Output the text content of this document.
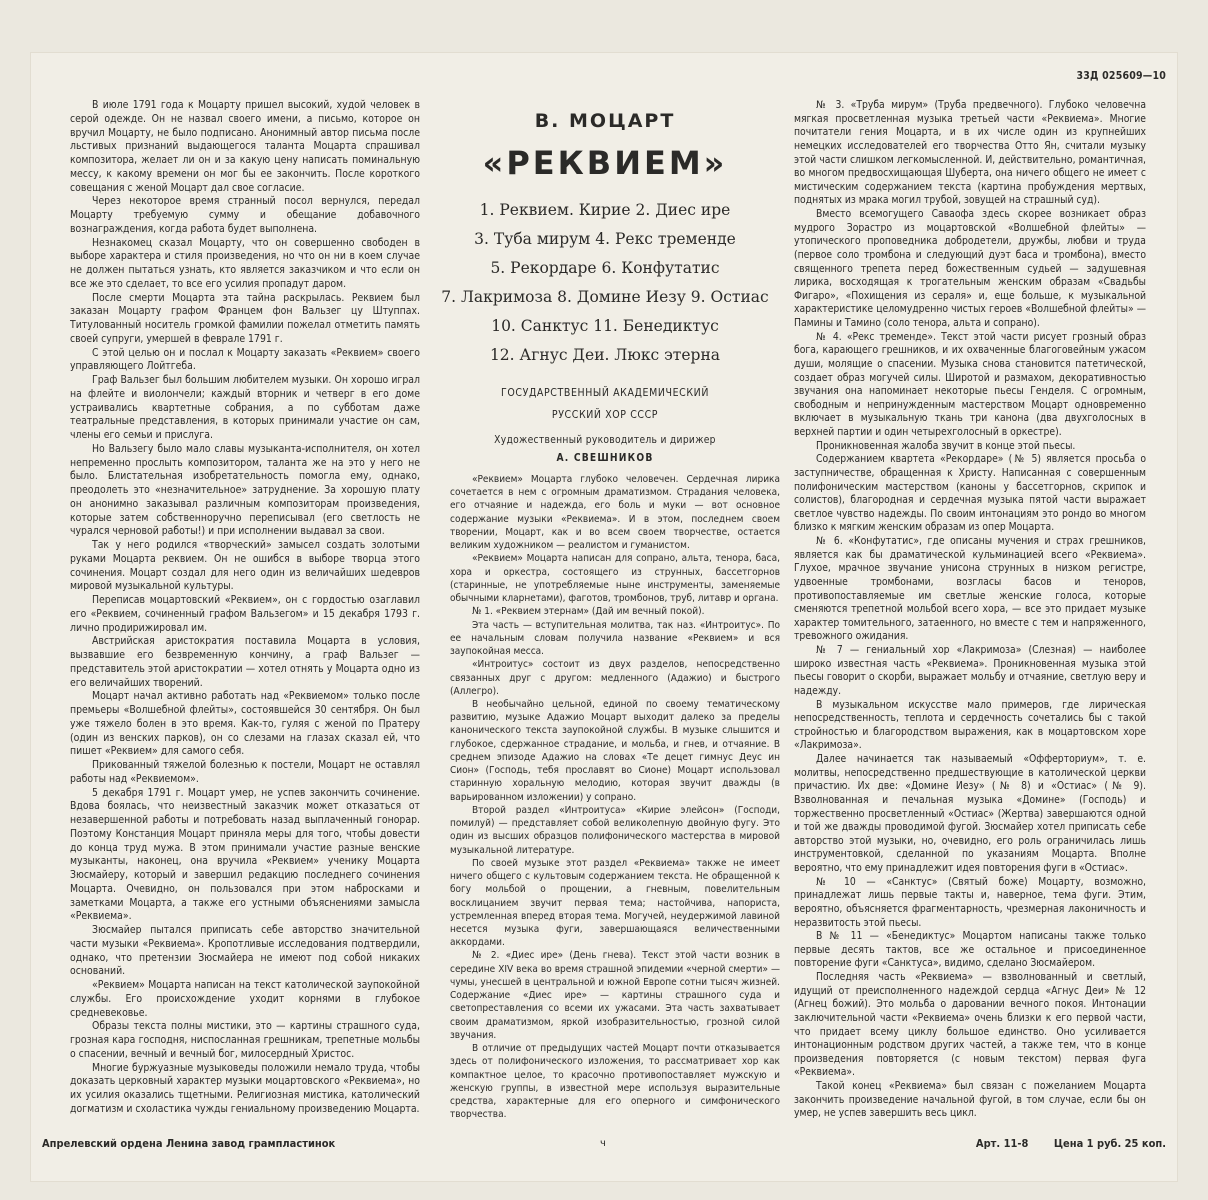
33Д 025609—10

В июле 1791 года к Моцарту пришел высокий, худой человек в серой одежде. Он не назвал своего имени, а письмо, которое он вручил Моцарту, не было подписано. Анонимный автор письма после льстивых признаний выдающегося таланта Моцарта спрашивал композитора, желает ли он и за какую цену написать поминальную мессу, к какому времени он мог бы ее закончить. После короткого совещания с женой Моцарт дал свое согласие.

Через некоторое время странный посол вернулся, передал Моцарту требуемую сумму и обещание добавочного вознаграждения, когда работа будет выполнена.

Незнакомец сказал Моцарту, что он совершенно свободен в выборе характера и стиля произведения, но что он ни в коем случае не должен пытаться узнать, кто является заказчиком и что если он все же это сделает, то все его усилия пропадут даром.

После смерти Моцарта эта тайна раскрылась. Реквием был заказан Моцарту графом Францем фон Вальзег цу Штуппах. Титулованный носитель громкой фамилии пожелал отметить память своей супруги, умершей в феврале 1791 г.

С этой целью он и послал к Моцарту заказать «Реквием» своего управляющего Лойтгеба.

Граф Вальзег был большим любителем музыки. Он хорошо играл на флейте и виолончели; каждый вторник и четверг в его доме устраивались квартетные собрания, а по субботам даже театральные представления, в которых принимали участие он сам, члены его семьи и прислуга.

Но Вальзегу было мало славы музыканта-исполнителя, он хотел непременно прослыть композитором, таланта же на это у него не было. Блистательная изобретательность помогла ему, однако, преодолеть это «незначительное» затруднение. За хорошую плату он анонимно заказывал различным композиторам произведения, которые затем собственноручно переписывал (его светлость не чурался черновой работы!) и при исполнении выдавал за свои.

Так у него родился «творческий» замысел создать золотыми руками Моцарта реквием. Он не ошибся в выборе творца этого сочинения. Моцарт создал для него один из величайших шедевров мировой музыкальной культуры.

Переписав моцартовский «Реквием», он с гордостью озаглавил его «Реквием, сочиненный графом Вальзегом» и 15 декабря 1793 г. лично продирижировал им.

Австрийская аристократия поставила Моцарта в условия, вызвавшие его безвременную кончину, а граф Вальзег — представитель этой аристократии — хотел отнять у Моцарта одно из его величайших творений.

Моцарт начал активно работать над «Реквиемом» только после премьеры «Волшебной флейты», состоявшейся 30 сентября. Он был уже тяжело болен в это время. Как-то, гуляя с женой по Пратеру (один из венских парков), он со слезами на глазах сказал ей, что пишет «Реквием» для самого себя.

Прикованный тяжелой болезнью к постели, Моцарт не оставлял работы над «Реквиемом».

5 декабря 1791 г. Моцарт умер, не успев закончить сочинение. Вдова боялась, что неизвестный заказчик может отказаться от незавершенной работы и потребовать назад выплаченный гонорар. Поэтому Констанция Моцарт приняла меры для того, чтобы довести до конца труд мужа. В этом принимали участие разные венские музыканты, наконец, она вручила «Реквием» ученику Моцарта Зюсмайеру, который и завершил редакцию последнего сочинения Моцарта. Очевидно, он пользовался при этом набросками и заметками Моцарта, а также его устными объяснениями замысла «Реквиема».

Зюсмайер пытался приписать себе авторство значительной части музыки «Реквиема». Кропотливые исследования подтвердили, однако, что претензии Зюсмайера не имеют под собой никаких оснований.

«Реквием» Моцарта написан на текст католической заупокойной службы. Его происхождение уходит корнями в глубокое средневековье.

Образы текста полны мистики, это — картины страшного суда, грозная кара господня, ниспосланная грешникам, трепетные мольбы о спасении, вечный и вечный бог, милосердный Христос.

Многие буржуазные музыковеды положили немало труда, чтобы доказать церковный характер музыки моцартовского «Реквиема», но их усилия оказались тщетными. Религиозная мистика, католический догматизм и схоластика чужды гениальному произведению Моцарта.

В. МОЦАРТ
«РЕКВИЕМ»
1. Реквием. Кирие 2. Диес ире
3. Туба мирум 4. Рекс тременде
5. Рекордаре 6. Конфутатис
7. Лакримоза 8. Домине Иезу 9. Остиас
10. Санктус 11. Бенедиктус
12. Агнус Деи. Люкс этерна
ГОСУДАРСТВЕННЫЙ АКАДЕМИЧЕСКИЙ
РУССКИЙ ХОР СССР
Художественный руководитель и дирижер
А. СВЕШНИКОВ

«Реквием» Моцарта глубоко человечен. Сердечная лирика сочетается в нем с огромным драматизмом. Страдания человека, его отчаяние и надежда, его боль и муки — вот основное содержание музыки «Реквиема». И в этом, последнем своем творении, Моцарт, как и во всем своем творчестве, остается великим художником — реалистом и гуманистом.

«Реквием» Моцарта написан для сопрано, альта, тенора, баса, хора и оркестра, состоящего из струнных, бассетгорнов (старинные, не употребляемые ныне инструменты, заменяемые обычными кларнетами), фаготов, тромбонов, труб, литавр и органа.

№ 1. «Реквием этернам» (Дай им вечный покой).

Эта часть — вступительная молитва, так наз. «Интроитус». По ее начальным словам получила название «Реквием» и вся заупокойная месса.

«Интроитус» состоит из двух разделов, непосредственно связанных друг с другом: медленного (Адажио) и быстрого (Аллегро).

В необычайно цельной, единой по своему тематическому развитию, музыке Адажио Моцарт выходит далеко за пределы канонического текста заупокойной службы. В музыке слышится и глубокое, сдержанное страдание, и мольба, и гнев, и отчаяние. В среднем эпизоде Адажио на словах «Те децет гимнус Деус ин Сион» (Господь, тебя прославят во Сионе) Моцарт использовал старинную хоральную мелодию, которая звучит дважды (в варьированном изложении) у сопрано.

Второй раздел «Интроитуса» «Кирие элейсон» (Господи, помилуй) — представляет собой великолепную двойную фугу. Это один из высших образцов полифонического мастерства в мировой музыкальной литературе.

По своей музыке этот раздел «Реквиема» также не имеет ничего общего с культовым содержанием текста. Не обращенной к богу мольбой о прощении, а гневным, повелительным восклицанием звучит первая тема; настойчива, напориста, устремленная вперед вторая тема. Могучей, неудержимой лавиной несется музыка фуги, завершающаяся величественными аккордами.

№ 2. «Диес ире» (День гнева). Текст этой части возник в середине XIV века во время страшной эпидемии «черной смерти» — чумы, унесшей в центральной и южной Европе сотни тысяч жизней. Содержание «Диес ире» — картины страшного суда и светопреставления со всеми их ужасами. Эта часть захватывает своим драматизмом, яркой изобразительностью, грозной силой звучания.

В отличие от предыдущих частей Моцарт почти отказывается здесь от полифонического изложения, то рассматривает хор как компактное целое, то красочно противопоставляет мужскую и женскую группы, в известной мере используя выразительные средства, характерные для его оперного и симфонического творчества.

№ 3. «Труба мирум» (Труба предвечного). Глубоко человечна мягкая просветленная музыка третьей части «Реквиема». Многие почитатели гения Моцарта, и в их числе один из крупнейших немецких исследователей его творчества Отто Ян, считали музыку этой части слишком легкомысленной. И, действительно, романтичная, во многом предвосхищающая Шуберта, она ничего общего не имеет с мистическим содержанием текста (картина пробуждения мертвых, поднятых из мрака могил трубой, зовущей на страшный суд).

Вместо всемогущего Саваофа здесь скорее возникает образ мудрого Зорастро из моцартовской «Волшебной флейты» — утопического проповедника добродетели, дружбы, любви и труда (первое соло тромбона и следующий дуэт баса и тромбона), вместо священного трепета перед божественным судьей — задушевная лирика, восходящая к трогательным женским образам «Свадьбы Фигаро», «Похищения из сераля» и, еще больше, к музыкальной характеристике целомудренно чистых героев «Волшебной флейты» — Памины и Тамино (соло тенора, альта и сопрано).

№ 4. «Рекс тременде». Текст этой части рисует грозный образ бога, карающего грешников, и их охваченные благоговейным ужасом души, молящие о спасении. Музыка снова становится патетической, создает образ могучей силы. Широтой и размахом, декоративностью звучания она напоминает некоторые пьесы Генделя. С огромным, свободным и непринужденным мастерством Моцарт одновременно включает в музыкальную ткань три канона (два двухголосных в верхней партии и один четырехголосный в оркестре).

Проникновенная жалоба звучит в конце этой пьесы.

Содержанием квартета «Рекордаре» (№ 5) является просьба о заступничестве, обращенная к Христу. Написанная с совершенным полифоническим мастерством (каноны у бассетгорнов, скрипок и солистов), благородная и сердечная музыка пятой части выражает светлое чувство надежды. По своим интонациям это рондо во многом близко к мягким женским образам из опер Моцарта.

№ 6. «Конфутатис», где описаны мучения и страх грешников, является как бы драматической кульминацией всего «Реквиема». Глухое, мрачное звучание унисона струнных в низком регистре, удвоенные тромбонами, возгласы басов и теноров, противопоставляемые им светлые женские голоса, которые сменяются трепетной мольбой всего хора, — все это придает музыке характер томительного, затаенного, но вместе с тем и напряженного, тревожного ожидания.

№ 7 — гениальный хор «Лакримоза» (Слезная) — наиболее широко известная часть «Реквиема». Проникновенная музыка этой пьесы говорит о скорби, выражает мольбу и отчаяние, светлую веру и надежду.

В музыкальном искусстве мало примеров, где лирическая непосредственность, теплота и сердечность сочетались бы с такой стройностью и благородством выражения, как в моцартовском хоре «Лакримоза».

Далее начинается так называемый «Офферториум», т. е. молитвы, непосредственно предшествующие в католической церкви причастию. Их две: «Домине Иезу» (№ 8) и «Остиас» (№ 9). Взволнованная и печальная музыка «Домине» (Господь) и торжественно просветленный «Остиас» (Жертва) завершаются одной и той же дважды проводимой фугой. Зюсмайер хотел приписать себе авторство этой музыки, но, очевидно, его роль ограничилась лишь инструментовкой, сделанной по указаниям Моцарта. Вполне вероятно, что ему принадлежит идея повторения фуги в «Остиас».

№ 10 — «Санктус» (Святый боже) Моцарту, возможно, принадлежат лишь первые такты и, наверное, тема фуги. Этим, вероятно, объясняется фрагментарность, чрезмерная лаконичность и неразвитость этой пьесы.

В № 11 — «Бенедиктус» Моцартом написаны также только первые десять тактов, все же остальное и присоединенное повторение фуги «Санктуса», видимо, сделано Зюсмайером.

Последняя часть «Реквиема» — взволнованный и светлый, идущий от преисполненного надеждой сердца «Агнус Деи» № 12 (Агнец божий). Это мольба о даровании вечного покоя. Интонации заключительной части «Реквиема» очень близки к его первой части, что придает всему циклу большое единство. Оно усиливается интонационным родством других частей, а также тем, что в конце произведения повторяется (с новым текстом) первая фуга «Реквиема».

Такой конец «Реквиема» был связан с пожеланием Моцарта закончить произведение начальной фугой, в том случае, если бы он умер, не успев завершить весь цикл.

Апрелевский ордена Ленина завод грампластинок	ч	Арт. 11-8 Цена 1 руб. 25 коп.
